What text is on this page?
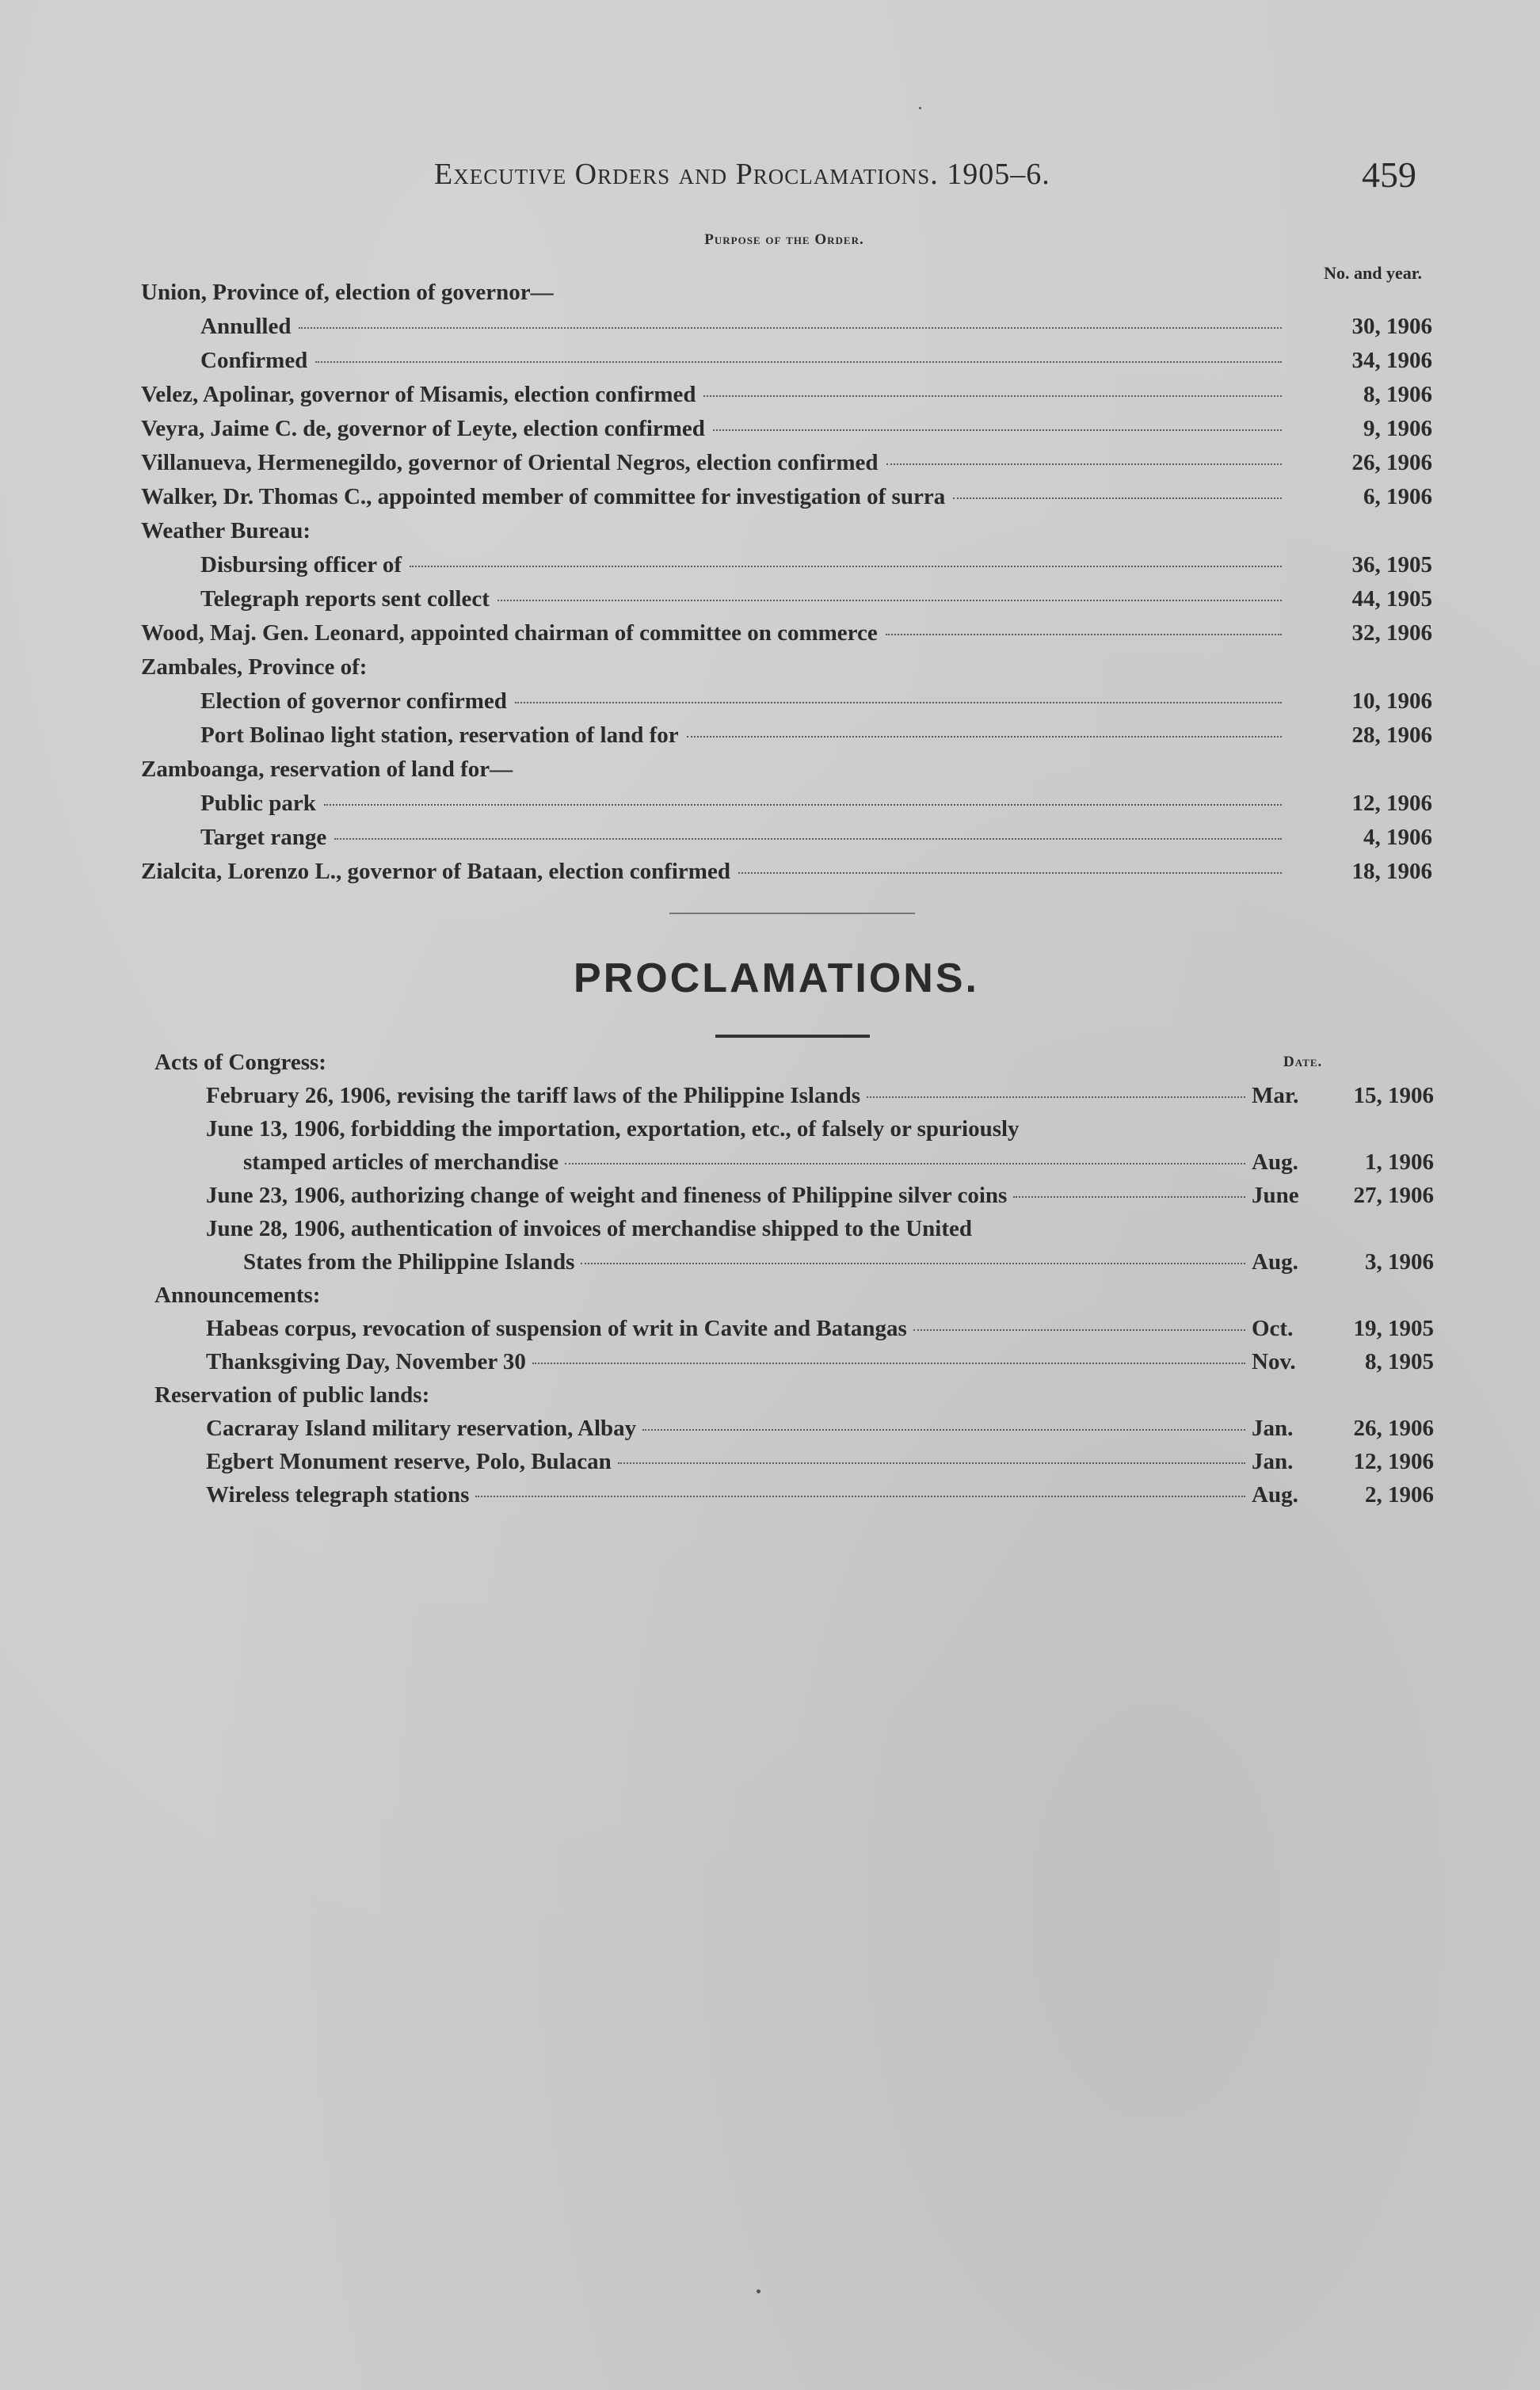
Executive Orders and Proclamations. 1905–6.	459
Purpose of the Order.
No. and year.
Union, Province of, election of governor—
Annulled	30, 1906
Confirmed	34, 1906
Velez, Apolinar, governor of Misamis, election confirmed	8, 1906
Veyra, Jaime C. de, governor of Leyte, election confirmed	9, 1906
Villanueva, Hermenegildo, governor of Oriental Negros, election confirmed	26, 1906
Walker, Dr. Thomas C., appointed member of committee for investigation of surra	6, 1906
Weather Bureau:
Disbursing officer of	36, 1905
Telegraph reports sent collect	44, 1905
Wood, Maj. Gen. Leonard, appointed chairman of committee on commerce	32, 1906
Zambales, Province of:
Election of governor confirmed	10, 1906
Port Bolinao light station, reservation of land for	28, 1906
Zamboanga, reservation of land for—
Public park	12, 1906
Target range	4, 1906
Zialcita, Lorenzo L., governor of Bataan, election confirmed	18, 1906
PROCLAMATIONS.
Date.
Acts of Congress:
February 26, 1906, revising the tariff laws of the Philippine Islands	Mar. 15, 1906
June 13, 1906, forbidding the importation, exportation, etc., of falsely or spuriously
stamped articles of merchandise	Aug.	1, 1906
June 23, 1906, authorizing change of weight and fineness of Philippine silver coins	June 27, 1906
June 28, 1906, authentication of invoices of merchandise shipped to the United
States from the Philippine Islands	Aug.	3, 1906
Announcements:
Habeas corpus, revocation of suspension of writ in Cavite and Batangas	Oct.	19, 1905
Thanksgiving Day, November 30	Nov.	8, 1905
Reservation of public lands:
Cacraray Island military reservation, Albay	Jan.	26, 1906
Egbert Monument reserve, Polo, Bulacan	Jan.	12, 1906
Wireless telegraph stations	Aug.	2, 1906
